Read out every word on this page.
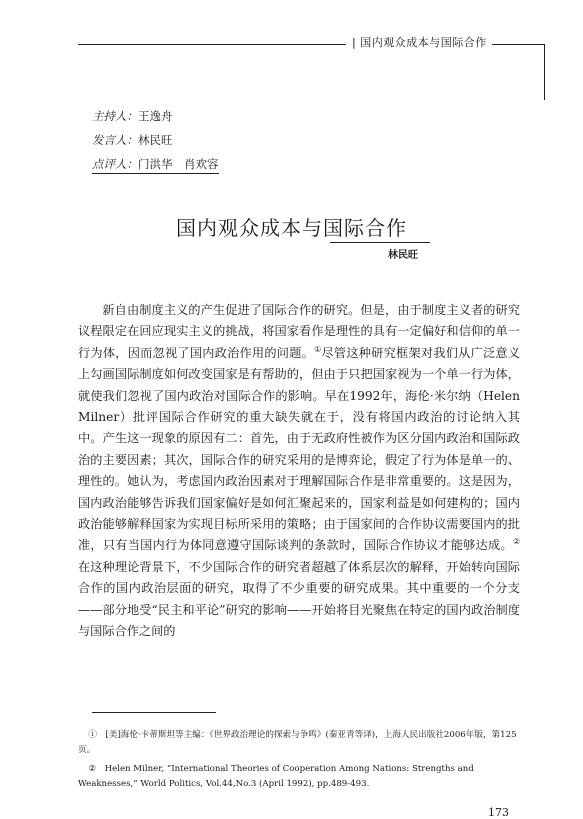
| 国内观众成本与国际合作
主持人：王逸舟
发言人：林民旺
点评人：门洪华　肖欢容
国内观众成本与国际合作
林民旺
新自由制度主义的产生促进了国际合作的研究。但是，由于制度主义者的研究议程限定在回应现实主义的挑战，将国家看作是理性的具有一定偏好和信仰的单一行为体，因而忽视了国内政治作用的问题。①尽管这种研究框架对我们从广泛意义上勾画国际制度如何改变国家是有帮助的，但由于只把国家视为一个单一行为体，就使我们忽视了国内政治对国际合作的影响。早在1992年，海伦·米尔纳（Helen Milner）批评国际合作研究的重大缺失就在于，没有将国内政治的讨论纳入其中。产生这一现象的原因有二：首先，由于无政府性被作为区分国内政治和国际政治的主要因素；其次，国际合作的研究采用的是博弈论，假定了行为体是单一的、理性的。她认为，考虑国内政治因素对于理解国际合作是非常重要的。这是因为，国内政治能够告诉我们国家偏好是如何汇聚起来的，国家利益是如何建构的；国内政治能够解释国家为实现目标所采用的策略；由于国家间的合作协议需要国内的批准，只有当国内行为体同意遵守国际谈判的条款时，国际合作协议才能够达成。②在这种理论背景下，不少国际合作的研究者超越了体系层次的解释，开始转向国际合作的国内政治层面的研究，取得了不少重要的研究成果。其中重要的一个分支——部分地受“民主和平论”研究的影响——开始将目光聚焦在特定的国内政治制度与国际合作之间的
①　[美]海伦·卡蒂斯坦等主编：《世界政治理论的探索与争鸣》(秦亚青等译)，上海人民出版社2006年版，第125页。
②　Helen Milner, “International Theories of Cooperation Among Nations: Strengths and Weaknesses,” World Politics, Vol.44,No.3 (April 1992), pp.489-493.
173
